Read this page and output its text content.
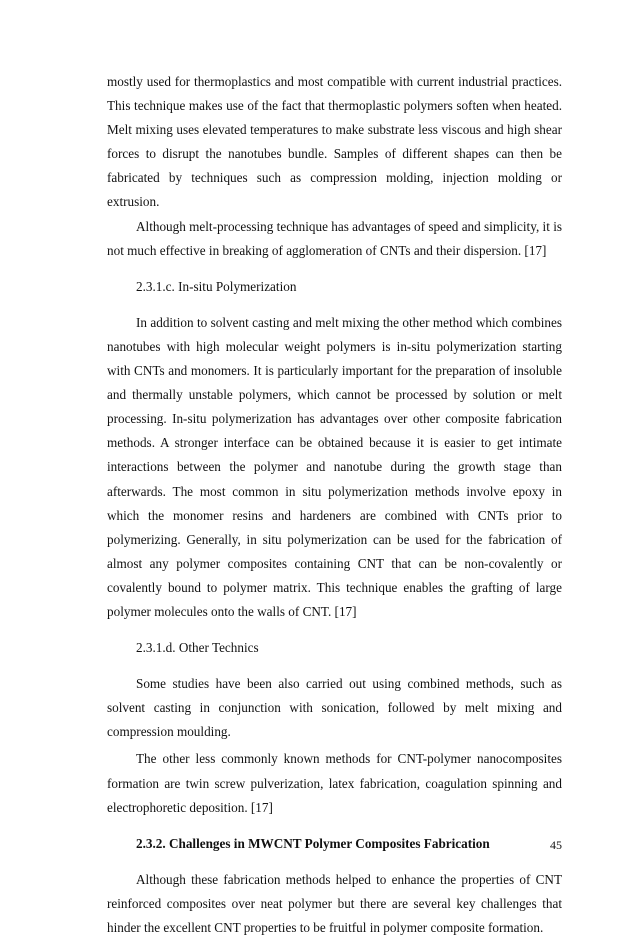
mostly used for thermoplastics and most compatible with current industrial practices. This technique makes use of the fact that thermoplastic polymers soften when heated. Melt mixing uses elevated temperatures to make substrate less viscous and high shear forces to disrupt the nanotubes bundle. Samples of different shapes can then be fabricated by techniques such as compression molding, injection molding or extrusion.

Although melt-processing technique has advantages of speed and simplicity, it is not much effective in breaking of agglomeration of CNTs and their dispersion. [17]

2.3.1.c. In-situ Polymerization

In addition to solvent casting and melt mixing the other method which combines nanotubes with high molecular weight polymers is in-situ polymerization starting with CNTs and monomers. It is particularly important for the preparation of insoluble and thermally unstable polymers, which cannot be processed by solution or melt processing. In-situ polymerization has advantages over other composite fabrication methods. A stronger interface can be obtained because it is easier to get intimate interactions between the polymer and nanotube during the growth stage than afterwards. The most common in situ polymerization methods involve epoxy in which the monomer resins and hardeners are combined with CNTs prior to polymerizing. Generally, in situ polymerization can be used for the fabrication of almost any polymer composites containing CNT that can be non-covalently or covalently bound to polymer matrix. This technique enables the grafting of large polymer molecules onto the walls of CNT. [17]

2.3.1.d. Other Technics

Some studies have been also carried out using combined methods, such as solvent casting in conjunction with sonication, followed by melt mixing and compression moulding.

The other less commonly known methods for CNT-polymer nanocomposites formation are twin screw pulverization, latex fabrication, coagulation spinning and electrophoretic deposition. [17]

2.3.2. Challenges in MWCNT Polymer Composites Fabrication

Although these fabrication methods helped to enhance the properties of CNT reinforced composites over neat polymer but there are several key challenges that hinder the excellent CNT properties to be fruitful in polymer composite formation.

45
